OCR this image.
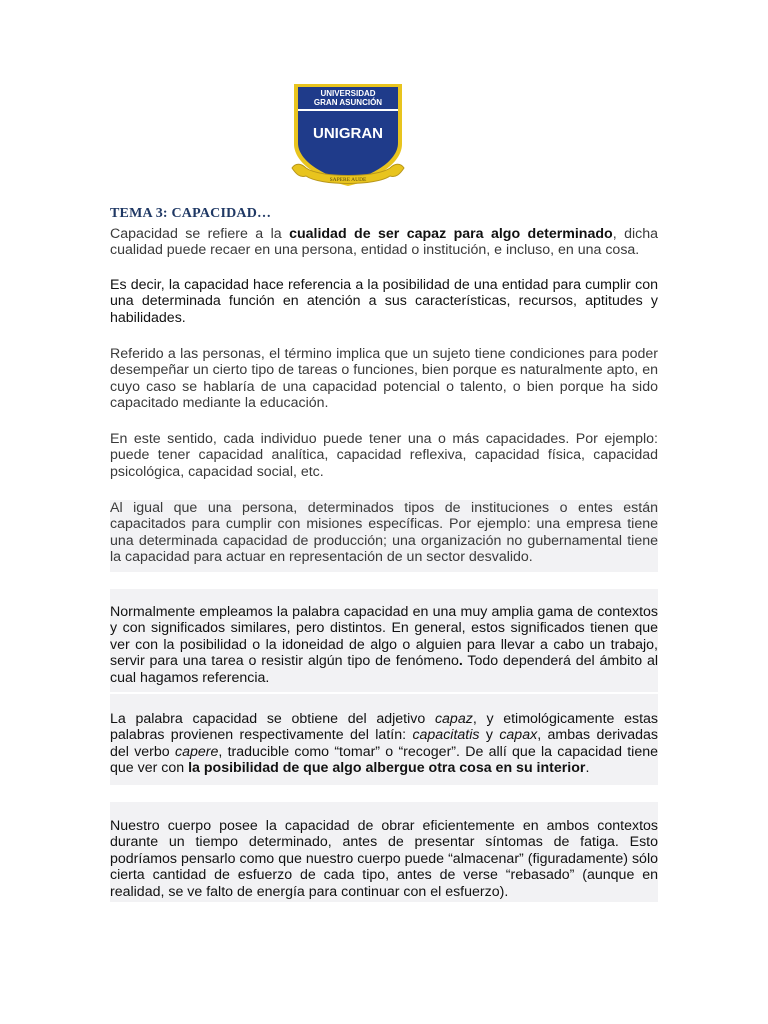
UNIVERSIDAD
GRAN ASUNCIÓN
UNIGRAN
SAPERE AUDE
TEMA 3: CAPACIDAD…

Capacidad se refiere a la cualidad de ser capaz para algo determinado, dicha cualidad puede recaer en una persona, entidad o institución, e incluso, en una cosa.

Es decir, la capacidad hace referencia a la posibilidad de una entidad para cumplir con una determinada función en atención a sus características, recursos, aptitudes y habilidades.

Referido a las personas, el término implica que un sujeto tiene condiciones para poder desempeñar un cierto tipo de tareas o funciones, bien porque es naturalmente apto, en cuyo caso se hablaría de una capacidad potencial o talento, o bien porque ha sido capacitado mediante la educación.

En este sentido, cada individuo puede tener una o más capacidades. Por ejemplo: puede tener capacidad analítica, capacidad reflexiva, capacidad física, capacidad psicológica, capacidad social, etc.

Al igual que una persona, determinados tipos de instituciones o entes están capacitados para cumplir con misiones específicas. Por ejemplo: una empresa tiene una determinada capacidad de producción; una organización no gubernamental tiene la capacidad para actuar en representación de un sector desvalido.

Normalmente empleamos la palabra capacidad en una muy amplia gama de contextos y con significados similares, pero distintos. En general, estos significados tienen que ver con la posibilidad o la idoneidad de algo o alguien para llevar a cabo un trabajo, servir para una tarea o resistir algún tipo de fenómeno. Todo dependerá del ámbito al cual hagamos referencia.

La palabra capacidad se obtiene del adjetivo capaz, y etimológicamente estas palabras provienen respectivamente del latín: capacitatis y capax, ambas derivadas del verbo capere, traducible como “tomar” o “recoger”. De allí que la capacidad tiene que ver con la posibilidad de que algo albergue otra cosa en su interior.

Nuestro cuerpo posee la capacidad de obrar eficientemente en ambos contextos durante un tiempo determinado, antes de presentar síntomas de fatiga. Esto podríamos pensarlo como que nuestro cuerpo puede “almacenar” (figuradamente) sólo cierta cantidad de esfuerzo de cada tipo, antes de verse “rebasado” (aunque en realidad, se ve falto de energía para continuar con el esfuerzo).
